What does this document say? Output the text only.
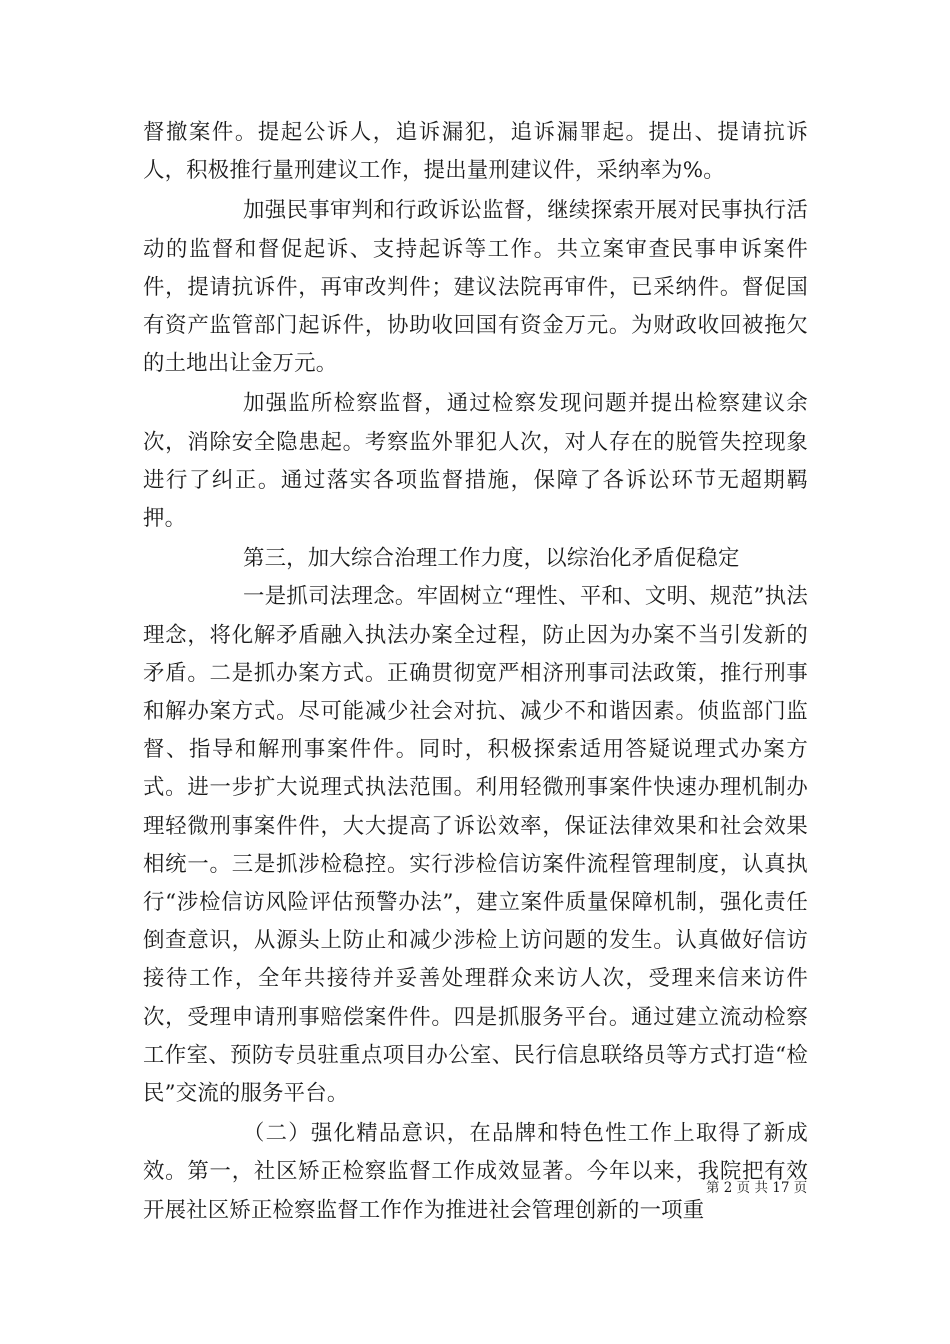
督撤案件。提起公诉人，追诉漏犯，追诉漏罪起。提出、提请抗诉人，积极推行量刑建议工作，提出量刑建议件，采纳率为%。

加强民事审判和行政诉讼监督，继续探索开展对民事执行活动的监督和督促起诉、支持起诉等工作。共立案审查民事申诉案件件，提请抗诉件，再审改判件；建议法院再审件，已采纳件。督促国有资产监管部门起诉件，协助收回国有资金万元。为财政收回被拖欠的土地出让金万元。

加强监所检察监督，通过检察发现问题并提出检察建议余次，消除安全隐患起。考察监外罪犯人次，对人存在的脱管失控现象进行了纠正。通过落实各项监督措施，保障了各诉讼环节无超期羁押。

第三，加大综合治理工作力度，以综治化矛盾促稳定

一是抓司法理念。牢固树立“理性、平和、文明、规范”执法理念，将化解矛盾融入执法办案全过程，防止因为办案不当引发新的矛盾。二是抓办案方式。正确贯彻宽严相济刑事司法政策，推行刑事和解办案方式。尽可能减少社会对抗、减少不和谐因素。侦监部门监督、指导和解刑事案件件。同时，积极探索适用答疑说理式办案方式。进一步扩大说理式执法范围。利用轻微刑事案件快速办理机制办理轻微刑事案件件，大大提高了诉讼效率，保证法律效果和社会效果相统一。三是抓涉检稳控。实行涉检信访案件流程管理制度，认真执行“涉检信访风险评估预警办法”，建立案件质量保障机制，强化责任倒查意识，从源头上防止和减少涉检上访问题的发生。认真做好信访接待工作，全年共接待并妥善处理群众来访人次，受理来信来访件次，受理申请刑事赔偿案件件。四是抓服务平台。通过建立流动检察工作室、预防专员驻重点项目办公室、民行信息联络员等方式打造“检民”交流的服务平台。

（二）强化精品意识，在品牌和特色性工作上取得了新成效。第一，社区矫正检察监督工作成效显著。今年以来，我院把有效开展社区矫正检察监督工作作为推进社会管理创新的一项重

第 2 页 共 17 页
